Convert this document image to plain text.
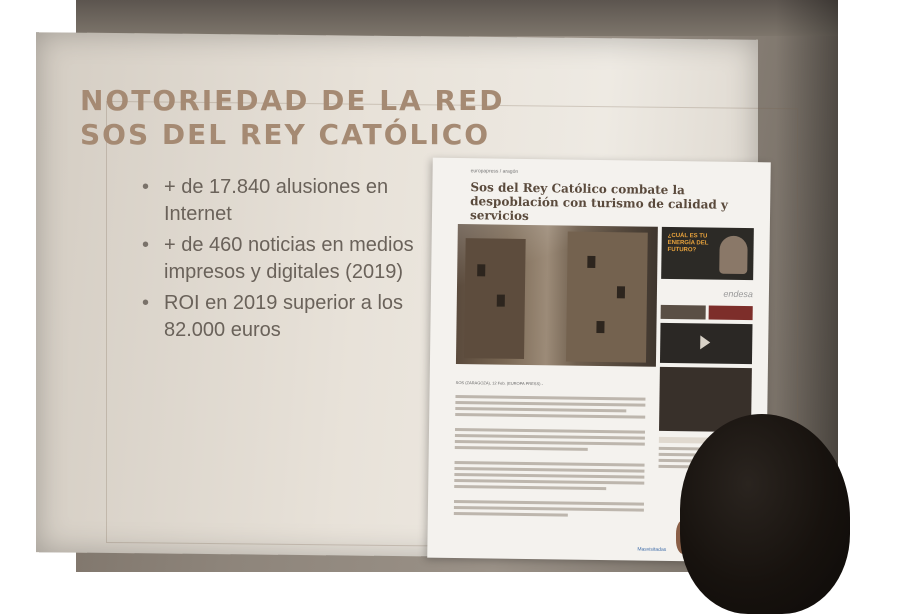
NOTORIEDAD DE LA RED
SOS DEL REY CATÓLICO
• + de 17.840 alusiones en Internet
• + de 460 noticias en medios impresos y digitales (2019)
• ROI en 2019 superior a los 82.000 euros
europapress / aragón
Sos del Rey Católico combate la despoblación con turismo de calidad y servicios
SOS (ZARAGOZA), 12 Feb. (EUROPA PRESS) -
¿CUÁL ES TU ENERGÍA DEL FUTURO?
endesa
Masvisitadas
